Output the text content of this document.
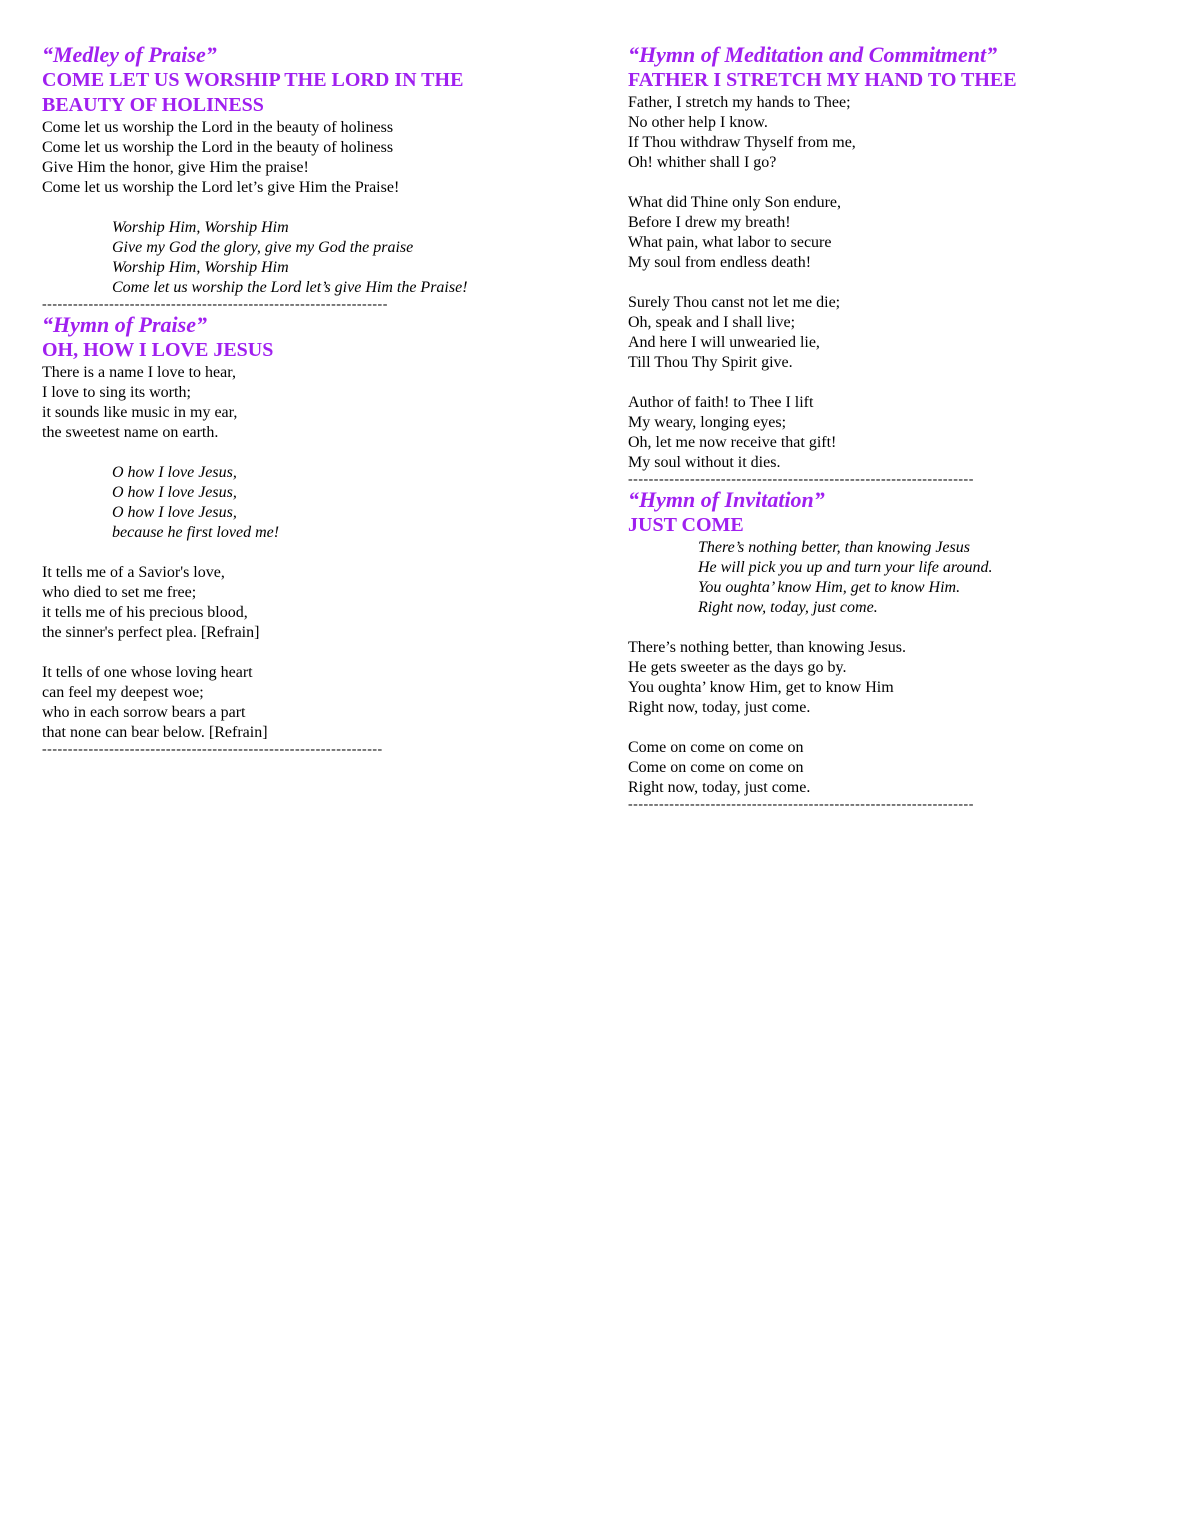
“Medley of Praise”
COME LET US WORSHIP THE LORD IN THE
BEAUTY OF HOLINESS
Come let us worship the Lord in the beauty of holiness
Come let us worship the Lord in the beauty of holiness
Give Him the honor, give Him the praise!
Come let us worship the Lord let’s give Him the Praise!
Worship Him, Worship Him
Give my God the glory, give my God the praise
Worship Him, Worship Him
Come let us worship the Lord let’s give Him the Praise!
-------------------------------------------------------------------
“Hymn of Praise”
OH, HOW I LOVE JESUS
There is a name I love to hear,
I love to sing its worth;
it sounds like music in my ear,
the sweetest name on earth.
O how I love Jesus,
O how I love Jesus,
O how I love Jesus,
because he first loved me!
It tells me of a Savior's love,
who died to set me free;
it tells me of his precious blood,
the sinner's perfect plea. [Refrain]
It tells of one whose loving heart
can feel my deepest woe;
who in each sorrow bears a part
that none can bear below. [Refrain]
------------------------------------------------------------------
“Hymn of Meditation and Commitment”
FATHER I STRETCH MY HAND TO THEE
Father, I stretch my hands to Thee;
No other help I know.
If Thou withdraw Thyself from me,
Oh! whither shall I go?
What did Thine only Son endure,
Before I drew my breath!
What pain, what labor to secure
My soul from endless death!
Surely Thou canst not let me die;
Oh, speak and I shall live;
And here I will unwearied lie,
Till Thou Thy Spirit give.
Author of faith! to Thee I lift
My weary, longing eyes;
Oh, let me now receive that gift!
My soul without it dies.
-------------------------------------------------------------------
“Hymn of Invitation”
JUST COME
There’s nothing better, than knowing Jesus
He will pick you up and turn your life around.
You oughta’ know Him, get to know Him.
Right now, today, just come.
There’s nothing better, than knowing Jesus.
He gets sweeter as the days go by.
You oughta’ know Him, get to know Him
Right now, today, just come.
Come on come on come on
Come on come on come on
Right now, today, just come.
-------------------------------------------------------------------
